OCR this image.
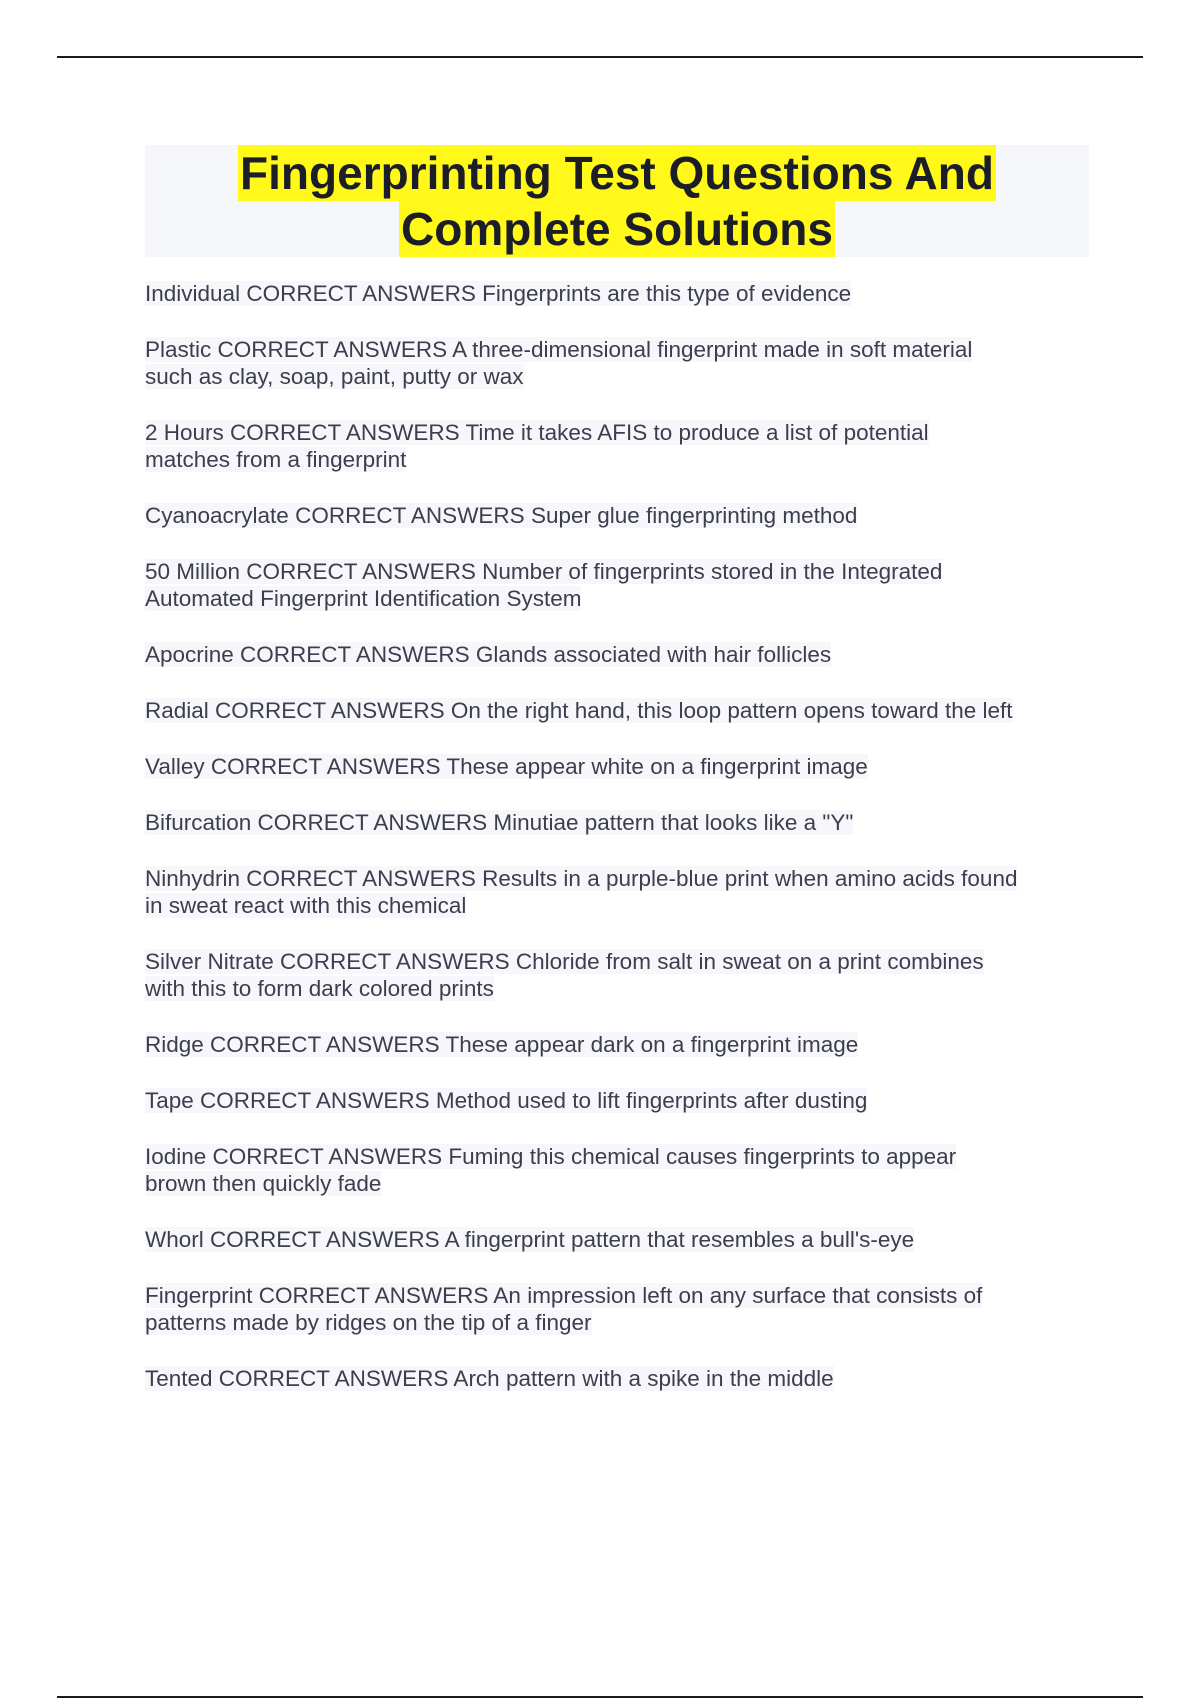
Fingerprinting Test Questions And
Complete Solutions
Individual CORRECT ANSWERS Fingerprints are this type of evidence
Plastic CORRECT ANSWERS A three-dimensional fingerprint made in soft material
such as clay, soap, paint, putty or wax
2 Hours CORRECT ANSWERS Time it takes AFIS to produce a list of potential
matches from a fingerprint
Cyanoacrylate CORRECT ANSWERS Super glue fingerprinting method
50 Million CORRECT ANSWERS Number of fingerprints stored in the Integrated
Automated Fingerprint Identification System
Apocrine CORRECT ANSWERS Glands associated with hair follicles
Radial CORRECT ANSWERS On the right hand, this loop pattern opens toward the left
Valley CORRECT ANSWERS These appear white on a fingerprint image
Bifurcation CORRECT ANSWERS Minutiae pattern that looks like a "Y"
Ninhydrin CORRECT ANSWERS Results in a purple-blue print when amino acids found
in sweat react with this chemical
Silver Nitrate CORRECT ANSWERS Chloride from salt in sweat on a print combines
with this to form dark colored prints
Ridge CORRECT ANSWERS These appear dark on a fingerprint image
Tape CORRECT ANSWERS Method used to lift fingerprints after dusting
Iodine CORRECT ANSWERS Fuming this chemical causes fingerprints to appear
brown then quickly fade
Whorl CORRECT ANSWERS A fingerprint pattern that resembles a bull's-eye
Fingerprint CORRECT ANSWERS An impression left on any surface that consists of
patterns made by ridges on the tip of a finger
Tented CORRECT ANSWERS Arch pattern with a spike in the middle
